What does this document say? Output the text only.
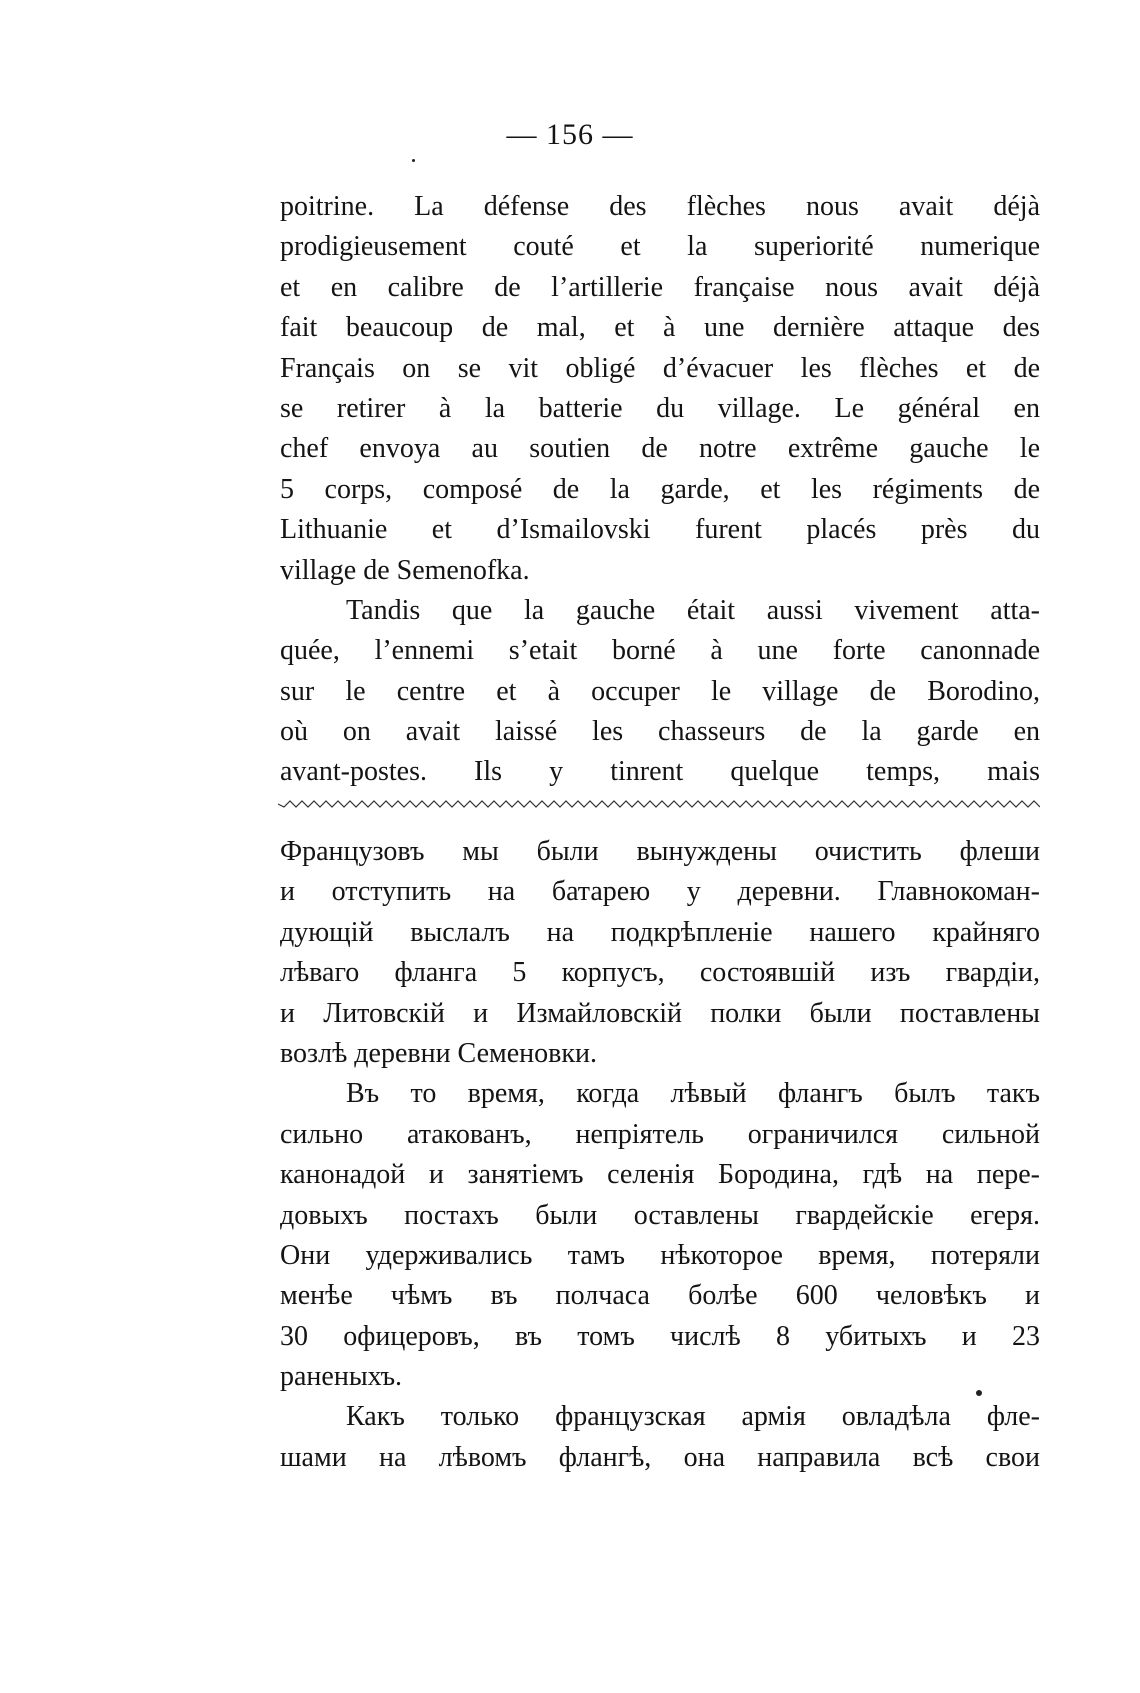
— 156 —
poitrine. La défense des flèches nous avait déjà
prodigieusement couté et la superiorité numerique
et en calibre de l’artillerie française nous avait déjà
fait beaucoup de mal, et à une dernière attaque des
Français on se vit obligé d’évacuer les flèches et de
se retirer à la batterie du village. Le général en
chef envoya au soutien de notre extrême gauche le
5 corps, composé de la garde, et les régiments de
Lithuanie et d’Ismailovski furent placés près du
village de Semenofka.
Tandis que la gauche était aussi vivement atta-
quée, l’ennemi s’etait borné à une forte canonnade
sur le centre et à occuper le village de Borodino,
où on avait laissé les chasseurs de la garde en
avant-postes. Ils y tinrent quelque temps, mais
Французовъ мы были вынуждены очистить флеши
и отступить на батарею у деревни. Главнокоман-
дующій выслалъ на подкрѣпленіе нашего крайняго
лѣваго фланга 5 корпусъ, состоявшій изъ гвардіи,
и Литовскій и Измайловскій полки были поставлены
возлѣ деревни Семеновки.
Въ то время, когда лѣвый флангъ былъ такъ
сильно атакованъ, непріятель ограничился сильной
канонадой и занятіемъ селенія Бородина, гдѣ на пере-
довыхъ постахъ были оставлены гвардейскіе егеря.
Они удерживались тамъ нѣкоторое время, потеряли
менѣе чѣмъ въ полчаса болѣе 600 человѣкъ и
30 офицеровъ, въ томъ числѣ 8 убитыхъ и 23
раненыхъ.
Какъ только французская армія овладѣла фле-
шами на лѣвомъ флангѣ, она направила всѣ свои
